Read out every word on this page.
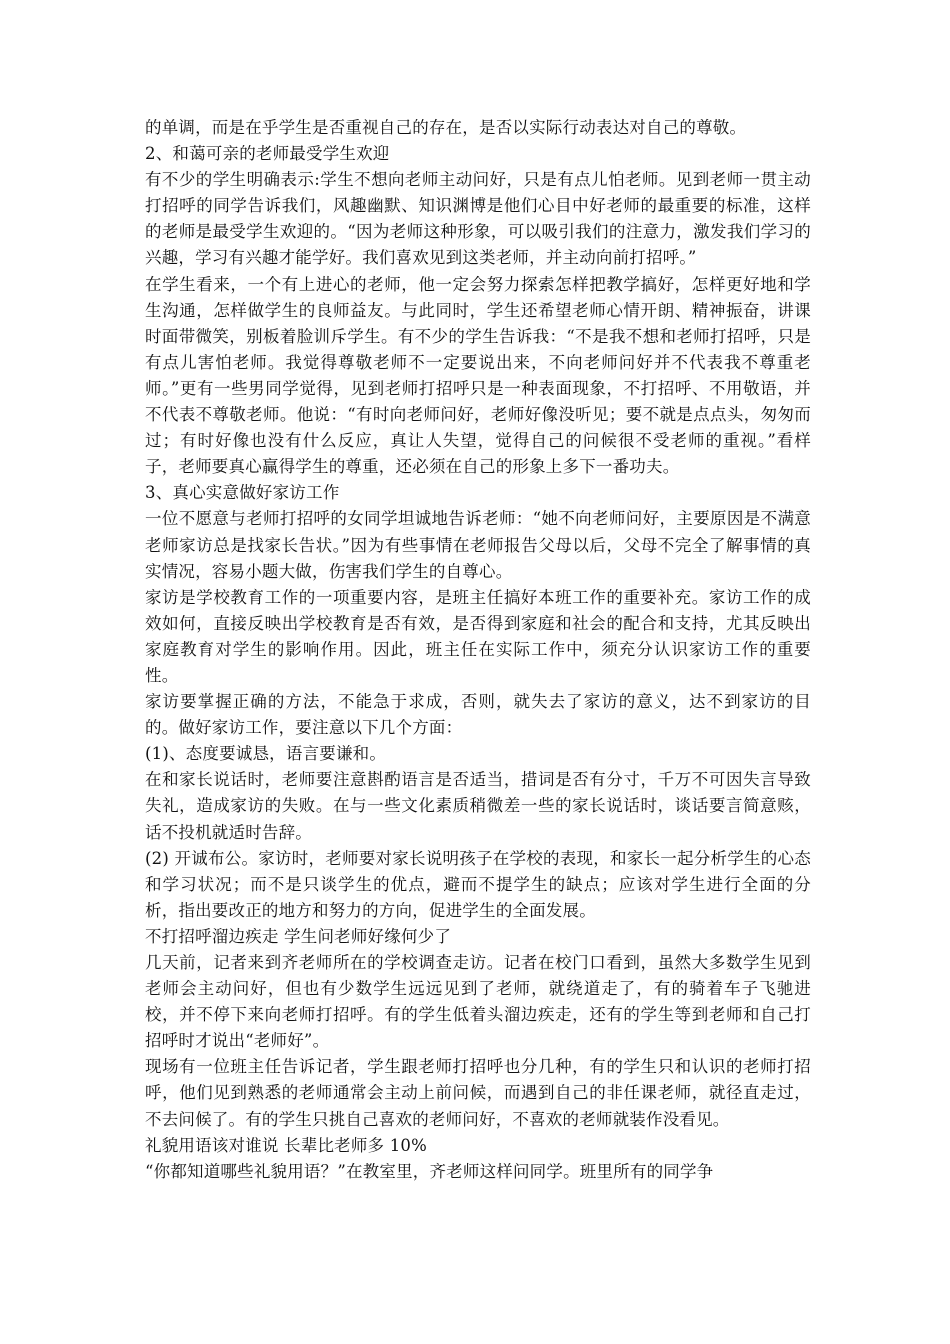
的单调，而是在乎学生是否重视自己的存在，是否以实际行动表达对自己的尊敬。

2、和蔼可亲的老师最受学生欢迎

有不少的学生明确表示:学生不想向老师主动问好，只是有点儿怕老师。见到老师一贯主动打招呼的同学告诉我们，风趣幽默、知识渊博是他们心目中好老师的最重要的标准，这样的老师是最受学生欢迎的。“因为老师这种形象，可以吸引我们的注意力，激发我们学习的兴趣，学习有兴趣才能学好。我们喜欢见到这类老师，并主动向前打招呼。”

在学生看来，一个有上进心的老师，他一定会努力探索怎样把教学搞好，怎样更好地和学生沟通，怎样做学生的良师益友。与此同时，学生还希望老师心情开朗、精神振奋，讲课时面带微笑，别板着脸训斥学生。有不少的学生告诉我：“不是我不想和老师打招呼，只是有点儿害怕老师。我觉得尊敬老师不一定要说出来，不向老师问好并不代表我不尊重老师。”更有一些男同学觉得，见到老师打招呼只是一种表面现象，不打招呼、不用敬语，并不代表不尊敬老师。他说：“有时向老师问好，老师好像没听见；要不就是点点头，匆匆而过；有时好像也没有什么反应，真让人失望，觉得自己的问候很不受老师的重视。”看样子，老师要真心赢得学生的尊重，还必须在自己的形象上多下一番功夫。

3、真心实意做好家访工作

一位不愿意与老师打招呼的女同学坦诚地告诉老师：“她不向老师问好，主要原因是不满意老师家访总是找家长告状。”因为有些事情在老师报告父母以后，父母不完全了解事情的真实情况，容易小题大做，伤害我们学生的自尊心。

家访是学校教育工作的一项重要内容，是班主任搞好本班工作的重要补充。家访工作的成效如何，直接反映出学校教育是否有效，是否得到家庭和社会的配合和支持，尤其反映出家庭教育对学生的影响作用。因此，班主任在实际工作中，须充分认识家访工作的重要性。

家访要掌握正确的方法，不能急于求成，否则，就失去了家访的意义，达不到家访的目的。做好家访工作，要注意以下几个方面：

(1)、态度要诚恳，语言要谦和。

在和家长说话时，老师要注意斟酌语言是否适当，措词是否有分寸，千万不可因失言导致失礼，造成家访的失败。在与一些文化素质稍微差一些的家长说话时，谈话要言简意赅，话不投机就适时告辞。

(2) 开诚布公。家访时，老师要对家长说明孩子在学校的表现，和家长一起分析学生的心态和学习状况；而不是只谈学生的优点，避而不提学生的缺点；应该对学生进行全面的分析，指出要改正的地方和努力的方向，促进学生的全面发展。

不打招呼溜边疾走 学生问老师好缘何少了

几天前，记者来到齐老师所在的学校调查走访。记者在校门口看到，虽然大多数学生见到老师会主动问好，但也有少数学生远远见到了老师，就绕道走了，有的骑着车子飞驰进校，并不停下来向老师打招呼。有的学生低着头溜边疾走，还有的学生等到老师和自己打招呼时才说出“老师好”。

现场有一位班主任告诉记者，学生跟老师打招呼也分几种，有的学生只和认识的老师打招呼，他们见到熟悉的老师通常会主动上前问候，而遇到自己的非任课老师，就径直走过，不去问候了。有的学生只挑自己喜欢的老师问好，不喜欢的老师就装作没看见。

礼貌用语该对谁说 长辈比老师多 10%

“你都知道哪些礼貌用语？”在教室里，齐老师这样问同学。班里所有的同学争
